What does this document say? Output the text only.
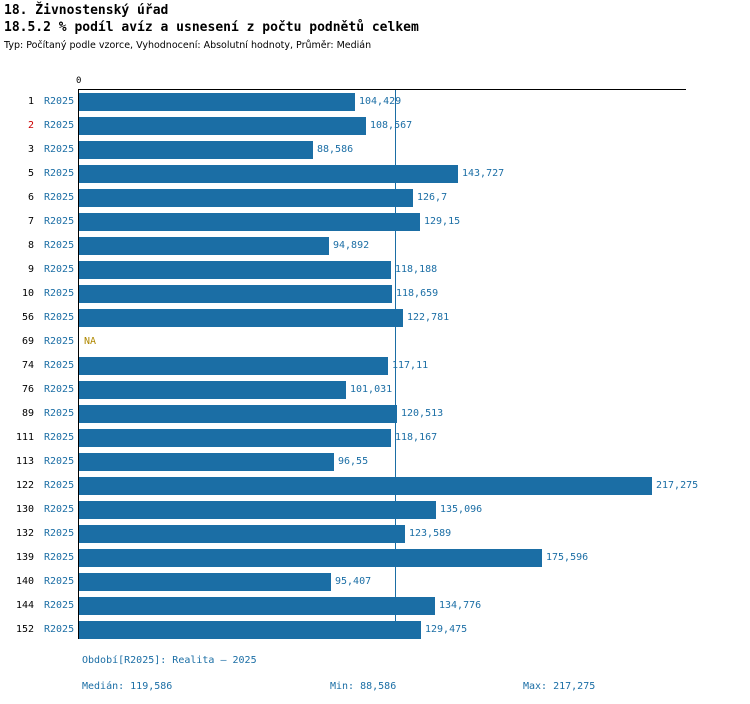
18. Živnostenský úřad
18.5.2 % podíl avíz a usnesení z počtu podnětů celkem
Typ: Počítaný podle vzorce, Vyhodnocení: Absolutní hodnoty, Průměr: Medián
0
1 R2025	104,429
2 R2025	108,567
3 R2025	88,586
5 R2025	143,727
6 R2025	126,7
7 R2025	129,15
8 R2025	94,892
9 R2025	118,188
10 R2025	118,659
56 R2025	122,781
69 R2025 NA
74 R2025	117,11
76 R2025	101,031
89 R2025	120,513
111 R2025	118,167
113 R2025	96,55
122 R2025	217,275
130 R2025	135,096
132 R2025	123,589
139 R2025	175,596
140 R2025	95,407
144 R2025	134,776
152 R2025	129,475
Období[R2025]: Realita – 2025
Medián: 119,586	Min: 88,586	Max: 217,275
